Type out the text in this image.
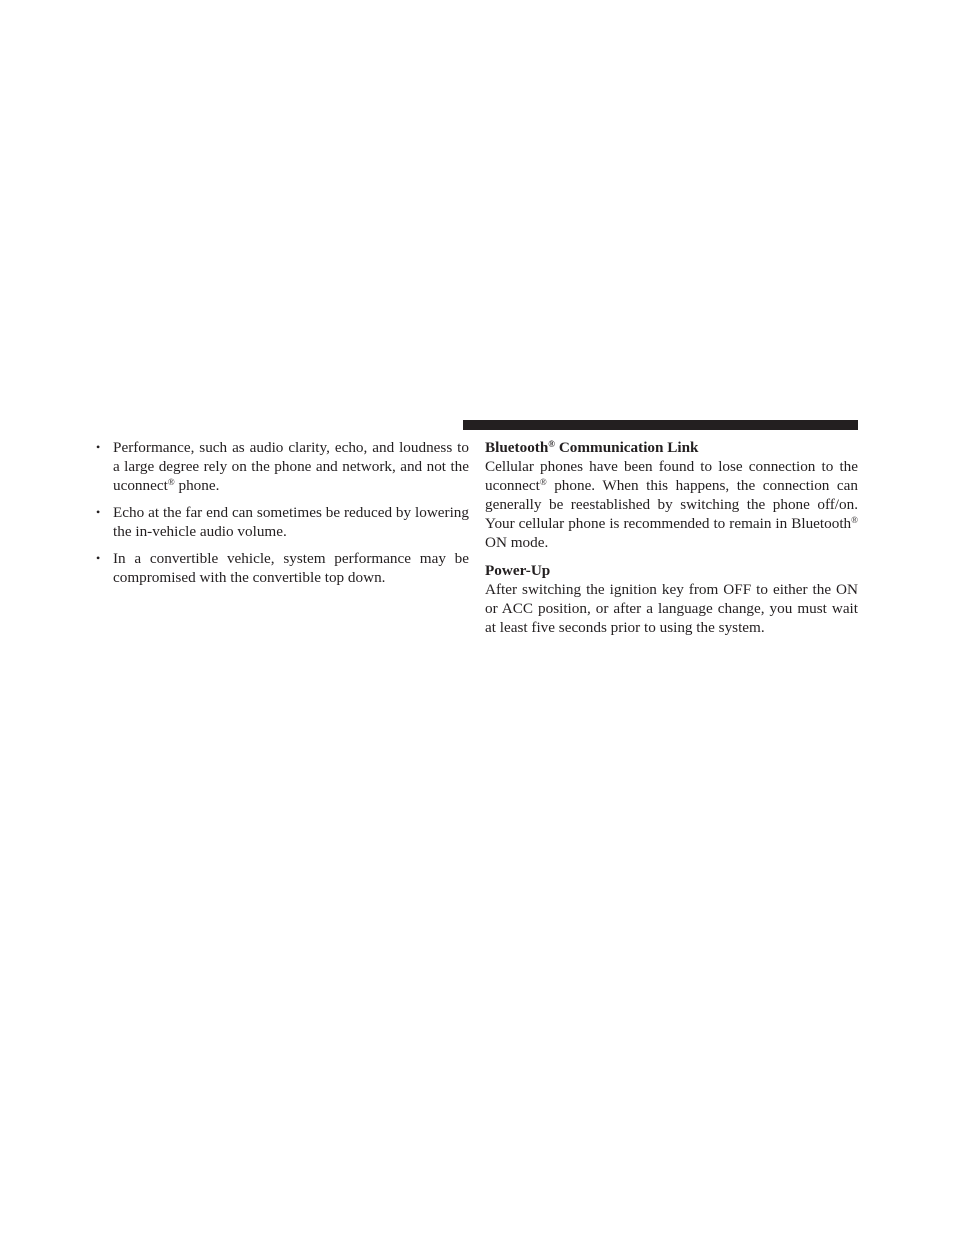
• Performance, such as audio clarity, echo, and loudness to a large degree rely on the phone and network, and not the uconnect® phone.
• Echo at the far end can sometimes be reduced by lowering the in-vehicle audio volume.
• In a convertible vehicle, system performance may be compromised with the convertible top down.
Bluetooth® Communication Link

Cellular phones have been found to lose connection to the uconnect® phone. When this happens, the connection can generally be reestablished by switching the phone off/on. Your cellular phone is recommended to remain in Bluetooth® ON mode.

Power-Up

After switching the ignition key from OFF to either the ON or ACC position, or after a language change, you must wait at least five seconds prior to using the system.
